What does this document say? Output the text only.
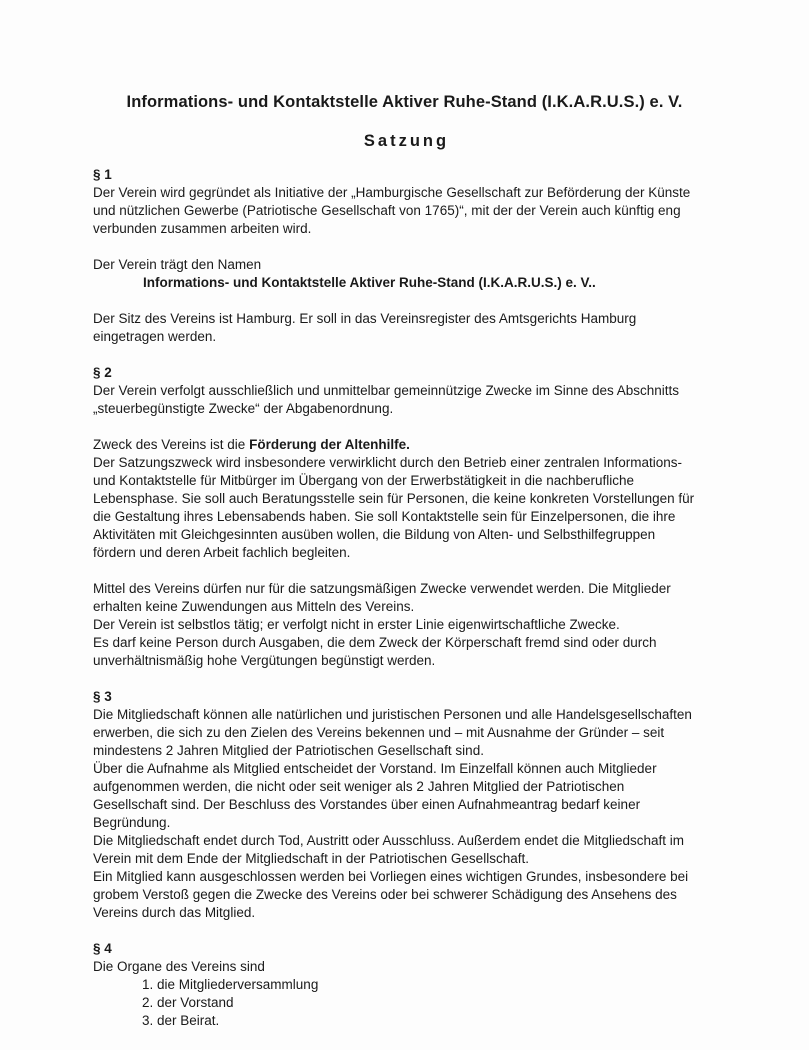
Informations- und Kontaktstelle Aktiver Ruhe-Stand (I.K.A.R.U.S.) e. V.
Satzung
§ 1
Der Verein wird gegründet als Initiative der „Hamburgische Gesellschaft zur Beförderung der Künste
und nützlichen Gewerbe (Patriotische Gesellschaft von 1765)“, mit der der Verein auch künftig eng
verbunden zusammen arbeiten wird.
Der Verein trägt den Namen
Informations- und Kontaktstelle Aktiver Ruhe-Stand (I.K.A.R.U.S.) e. V..
Der Sitz des Vereins ist Hamburg. Er soll in das Vereinsregister des Amtsgerichts Hamburg
eingetragen werden.
§ 2
Der Verein verfolgt ausschließlich und unmittelbar gemeinnützige Zwecke im Sinne des Abschnitts
„steuerbegünstigte Zwecke“ der Abgabenordnung.
Zweck des Vereins ist die Förderung der Altenhilfe.
Der Satzungszweck wird insbesondere verwirklicht durch den Betrieb einer zentralen Informations-
und Kontaktstelle für Mitbürger im Übergang von der Erwerbstätigkeit in die nachberufliche
Lebensphase. Sie soll auch Beratungsstelle sein für Personen, die keine konkreten Vorstellungen für
die Gestaltung ihres Lebensabends haben. Sie soll Kontaktstelle sein für Einzelpersonen, die ihre
Aktivitäten mit Gleichgesinnten ausüben wollen, die Bildung von Alten- und Selbsthilfegruppen
fördern und deren Arbeit fachlich begleiten.
Mittel des Vereins dürfen nur für die satzungsmäßigen Zwecke verwendet werden. Die Mitglieder
erhalten keine Zuwendungen aus Mitteln des Vereins.
Der Verein ist selbstlos tätig; er verfolgt nicht in erster Linie eigenwirtschaftliche Zwecke.
Es darf keine Person durch Ausgaben, die dem Zweck der Körperschaft fremd sind oder durch
unverhältnismäßig hohe Vergütungen begünstigt werden.
§ 3
Die Mitgliedschaft können alle natürlichen und juristischen Personen und alle Handelsgesellschaften
erwerben, die sich zu den Zielen des Vereins bekennen und – mit Ausnahme der Gründer – seit
mindestens 2 Jahren Mitglied der Patriotischen Gesellschaft sind.
Über die Aufnahme als Mitglied entscheidet der Vorstand. Im Einzelfall können auch Mitglieder
aufgenommen werden, die nicht oder seit weniger als 2 Jahren Mitglied der Patriotischen
Gesellschaft sind. Der Beschluss des Vorstandes über einen Aufnahmeantrag bedarf keiner
Begründung.
Die Mitgliedschaft endet durch Tod, Austritt oder Ausschluss. Außerdem endet die Mitgliedschaft im
Verein mit dem Ende der Mitgliedschaft in der Patriotischen Gesellschaft.
Ein Mitglied kann ausgeschlossen werden bei Vorliegen eines wichtigen Grundes, insbesondere bei
grobem Verstoß gegen die Zwecke des Vereins oder bei schwerer Schädigung des Ansehens des
Vereins durch das Mitglied.
§ 4
Die Organe des Vereins sind
1. die Mitgliederversammlung
2. der Vorstand
3. der Beirat.
